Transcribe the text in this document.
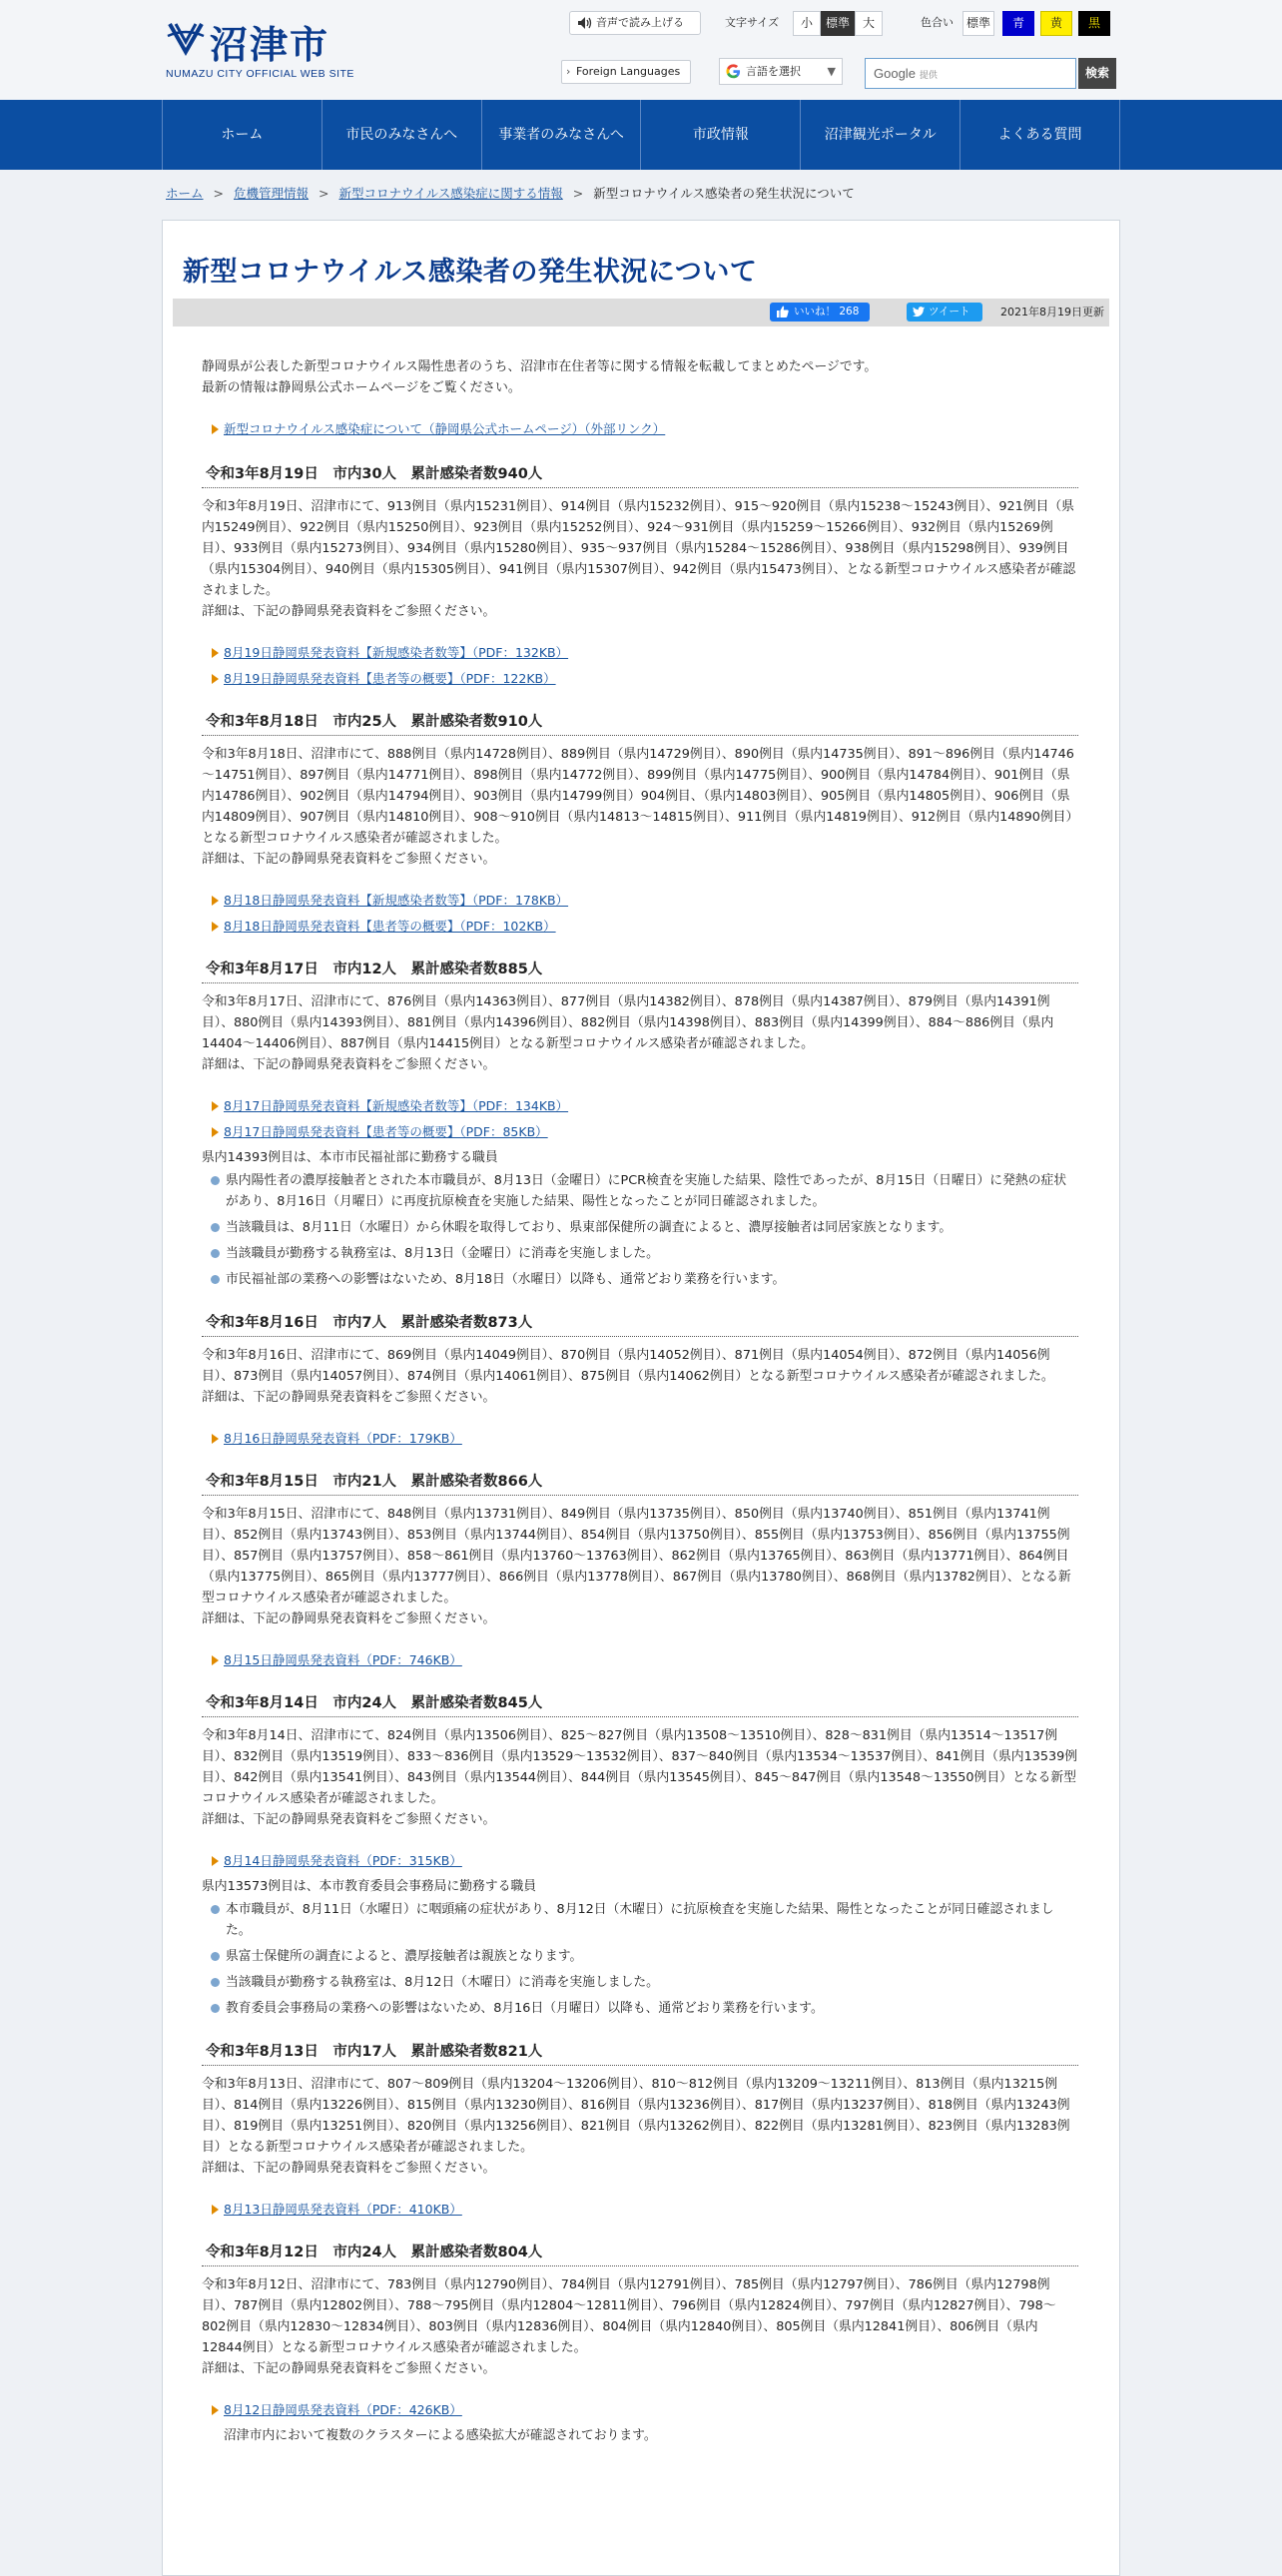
沼津市
NUMAZU CITY OFFICIAL WEB SITE
音声で読み上げる	文字サイズ	小	標準	大	色合い	標準	青	黄	黒
› Foreign Languages	言語を選択 ▼	Google 提供	検索
ホーム	市民のみなさんへ	事業者のみなさんへ	市政情報	沼津観光ポータル	よくある質問
ホーム > 危機管理情報 > 新型コロナウイルス感染症に関する情報 > 新型コロナウイルス感染者の発生状況について
新型コロナウイルス感染者の発生状況について
いいね！ 268	ツイート	2021年8月19日更新

静岡県が公表した新型コロナウイルス陽性患者のうち、沼津市在住者等に関する情報を転載してまとめたページです。

最新の情報は静岡県公式ホームページをご覧ください。

新型コロナウイルス感染症について（静岡県公式ホームページ）（外部リンク）
令和3年8月19日　市内30人　累計感染者数940人

令和3年8月19日、沼津市にて、913例目（県内15231例目）、914例目（県内15232例目）、915～920例目（県内15238～15243例目）、921例目（県内15249例目）、922例目（県内15250例目）、923例目（県内15252例目）、924～931例目（県内15259～15266例目）、932例目（県内15269例目）、933例目（県内15273例目）、934例目（県内15280例目）、935～937例目（県内15284～15286例目）、938例目（県内15298例目）、939例目（県内15304例目）、940例目（県内15305例目）、941例目（県内15307例目）、942例目（県内15473例目）、となる新型コロナウイルス感染者が確認されました。

詳細は、下記の静岡県発表資料をご参照ください。

8月19日静岡県発表資料【新規感染者数等】（PDF：132KB）
8月19日静岡県発表資料【患者等の概要】（PDF：122KB）
令和3年8月18日　市内25人　累計感染者数910人

令和3年8月18日、沼津市にて、888例目（県内14728例目）、889例目（県内14729例目）、890例目（県内14735例目）、891～896例目（県内14746～14751例目）、897例目（県内14771例目）、898例目（県内14772例目）、899例目（県内14775例目）、900例目（県内14784例目）、901例目（県内14786例目）、902例目（県内14794例目）、903例目（県内14799例目）904例目、（県内14803例目）、905例目（県内14805例目）、906例目（県内14809例目）、907例目（県内14810例目）、908～910例目（県内14813～14815例目）、911例目（県内14819例目）、912例目（県内14890例目）となる新型コロナウイルス感染者が確認されました。

詳細は、下記の静岡県発表資料をご参照ください。

8月18日静岡県発表資料【新規感染者数等】（PDF：178KB）
8月18日静岡県発表資料【患者等の概要】（PDF：102KB）
令和3年8月17日　市内12人　累計感染者数885人

令和3年8月17日、沼津市にて、876例目（県内14363例目）、877例目（県内14382例目）、878例目（県内14387例目）、879例目（県内14391例目）、880例目（県内14393例目）、881例目（県内14396例目）、882例目（県内14398例目）、883例目（県内14399例目）、884～886例目（県内14404～14406例目）、887例目（県内14415例目）となる新型コロナウイルス感染者が確認されました。

詳細は、下記の静岡県発表資料をご参照ください。

8月17日静岡県発表資料【新規感染者数等】（PDF：134KB）
8月17日静岡県発表資料【患者等の概要】（PDF：85KB）

県内14393例目は、本市市民福祉部に勤務する職員

県内陽性者の濃厚接触者とされた本市職員が、8月13日（金曜日）にPCR検査を実施した結果、陰性であったが、8月15日（日曜日）に発熱の症状があり、8月16日（月曜日）に再度抗原検査を実施した結果、陽性となったことが同日確認されました。
当該職員は、8月11日（水曜日）から休暇を取得しており、県東部保健所の調査によると、濃厚接触者は同居家族となります。
当該職員が勤務する執務室は、8月13日（金曜日）に消毒を実施しました。
市民福祉部の業務への影響はないため、8月18日（水曜日）以降も、通常どおり業務を行います。
令和3年8月16日　市内7人　累計感染者数873人

令和3年8月16日、沼津市にて、869例目（県内14049例目）、870例目（県内14052例目）、871例目（県内14054例目）、872例目（県内14056例目）、873例目（県内14057例目）、874例目（県内14061例目）、875例目（県内14062例目）となる新型コロナウイルス感染者が確認されました。

詳細は、下記の静岡県発表資料をご参照ください。

8月16日静岡県発表資料（PDF：179KB）
令和3年8月15日　市内21人　累計感染者数866人

令和3年8月15日、沼津市にて、848例目（県内13731例目）、849例目（県内13735例目）、850例目（県内13740例目）、851例目（県内13741例目）、852例目（県内13743例目）、853例目（県内13744例目）、854例目（県内13750例目）、855例目（県内13753例目）、856例目（県内13755例目）、857例目（県内13757例目）、858～861例目（県内13760～13763例目）、862例目（県内13765例目）、863例目（県内13771例目）、864例目（県内13775例目）、865例目（県内13777例目）、866例目（県内13778例目）、867例目（県内13780例目）、868例目（県内13782例目）、となる新型コロナウイルス感染者が確認されました。

詳細は、下記の静岡県発表資料をご参照ください。

8月15日静岡県発表資料（PDF：746KB）
令和3年8月14日　市内24人　累計感染者数845人

令和3年8月14日、沼津市にて、824例目（県内13506例目）、825～827例目（県内13508～13510例目）、828～831例目（県内13514～13517例目）、832例目（県内13519例目）、833～836例目（県内13529～13532例目）、837～840例目（県内13534～13537例目）、841例目（県内13539例目）、842例目（県内13541例目）、843例目（県内13544例目）、844例目（県内13545例目）、845～847例目（県内13548～13550例目）となる新型コロナウイルス感染者が確認されました。

詳細は、下記の静岡県発表資料をご参照ください。

8月14日静岡県発表資料（PDF：315KB）

県内13573例目は、本市教育委員会事務局に勤務する職員

本市職員が、8月11日（水曜日）に咽頭痛の症状があり、8月12日（木曜日）に抗原検査を実施した結果、陽性となったことが同日確認されました。
県富士保健所の調査によると、濃厚接触者は親族となります。
当該職員が勤務する執務室は、8月12日（木曜日）に消毒を実施しました。
教育委員会事務局の業務への影響はないため、8月16日（月曜日）以降も、通常どおり業務を行います。
令和3年8月13日　市内17人　累計感染者数821人

令和3年8月13日、沼津市にて、807～809例目（県内13204～13206例目）、810～812例目（県内13209～13211例目）、813例目（県内13215例目）、814例目（県内13226例目）、815例目（県内13230例目）、816例目（県内13236例目）、817例目（県内13237例目）、818例目（県内13243例目）、819例目（県内13251例目）、820例目（県内13256例目）、821例目（県内13262例目）、822例目（県内13281例目）、823例目（県内13283例目）となる新型コロナウイルス感染者が確認されました。

詳細は、下記の静岡県発表資料をご参照ください。

8月13日静岡県発表資料（PDF：410KB）
令和3年8月12日　市内24人　累計感染者数804人

令和3年8月12日、沼津市にて、783例目（県内12790例目）、784例目（県内12791例目）、785例目（県内12797例目）、786例目（県内12798例目）、787例目（県内12802例目）、788～795例目（県内12804～12811例目）、796例目（県内12824例目）、797例目（県内12827例目）、798～802例目（県内12830～12834例目）、803例目（県内12836例目）、804例目（県内12840例目）、805例目（県内12841例目）、806例目（県内12844例目）となる新型コロナウイルス感染者が確認されました。

詳細は、下記の静岡県発表資料をご参照ください。

8月12日静岡県発表資料（PDF：426KB）

沼津市内において複数のクラスターによる感染拡大が確認されております。
